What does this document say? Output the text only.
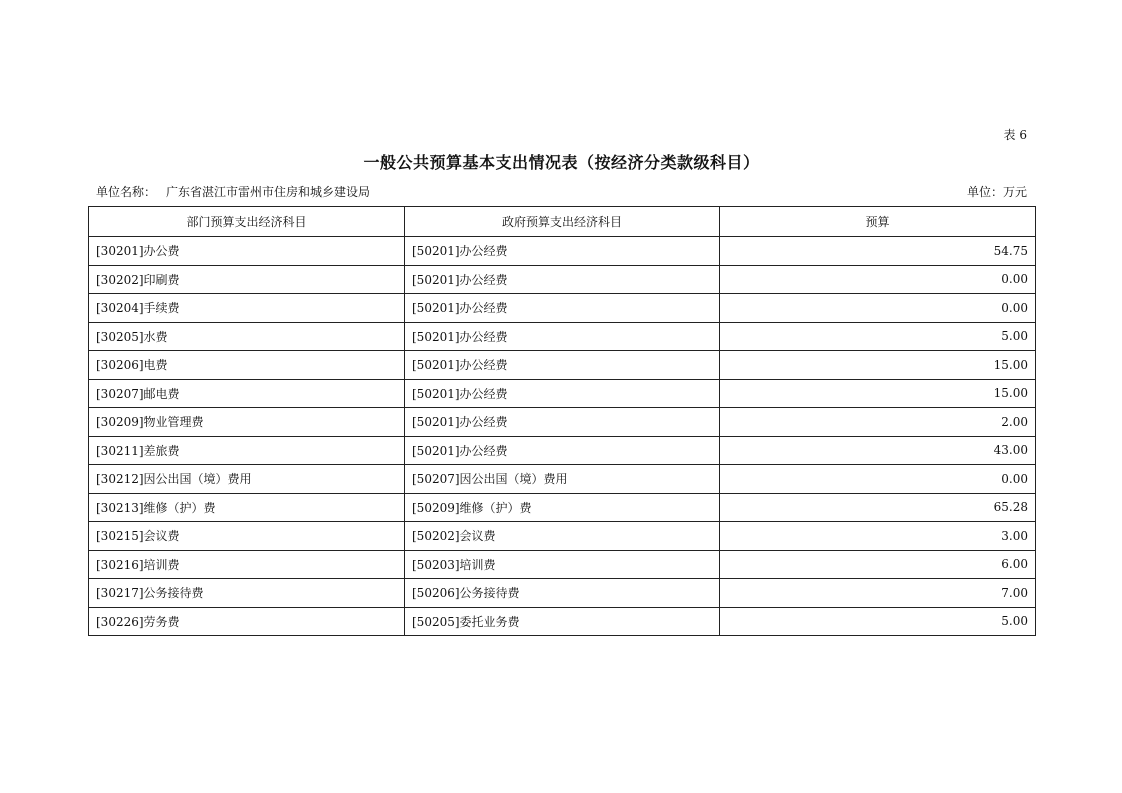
表 6
一般公共预算基本支出情况表（按经济分类款级科目）
单位名称： 广东省湛江市雷州市住房和城乡建设局	单位：万元
部门预算支出经济科目	政府预算支出经济科目	预算
[30201]办公费	[50201]办公经费	54.75
[30202]印刷费	[50201]办公经费	0.00
[30204]手续费	[50201]办公经费	0.00
[30205]水费	[50201]办公经费	5.00
[30206]电费	[50201]办公经费	15.00
[30207]邮电费	[50201]办公经费	15.00
[30209]物业管理费	[50201]办公经费	2.00
[30211]差旅费	[50201]办公经费	43.00
[30212]因公出国（境）费用	[50207]因公出国（境）费用	0.00
[30213]维修（护）费	[50209]维修（护）费	65.28
[30215]会议费	[50202]会议费	3.00
[30216]培训费	[50203]培训费	6.00
[30217]公务接待费	[50206]公务接待费	7.00
[30226]劳务费	[50205]委托业务费	5.00
